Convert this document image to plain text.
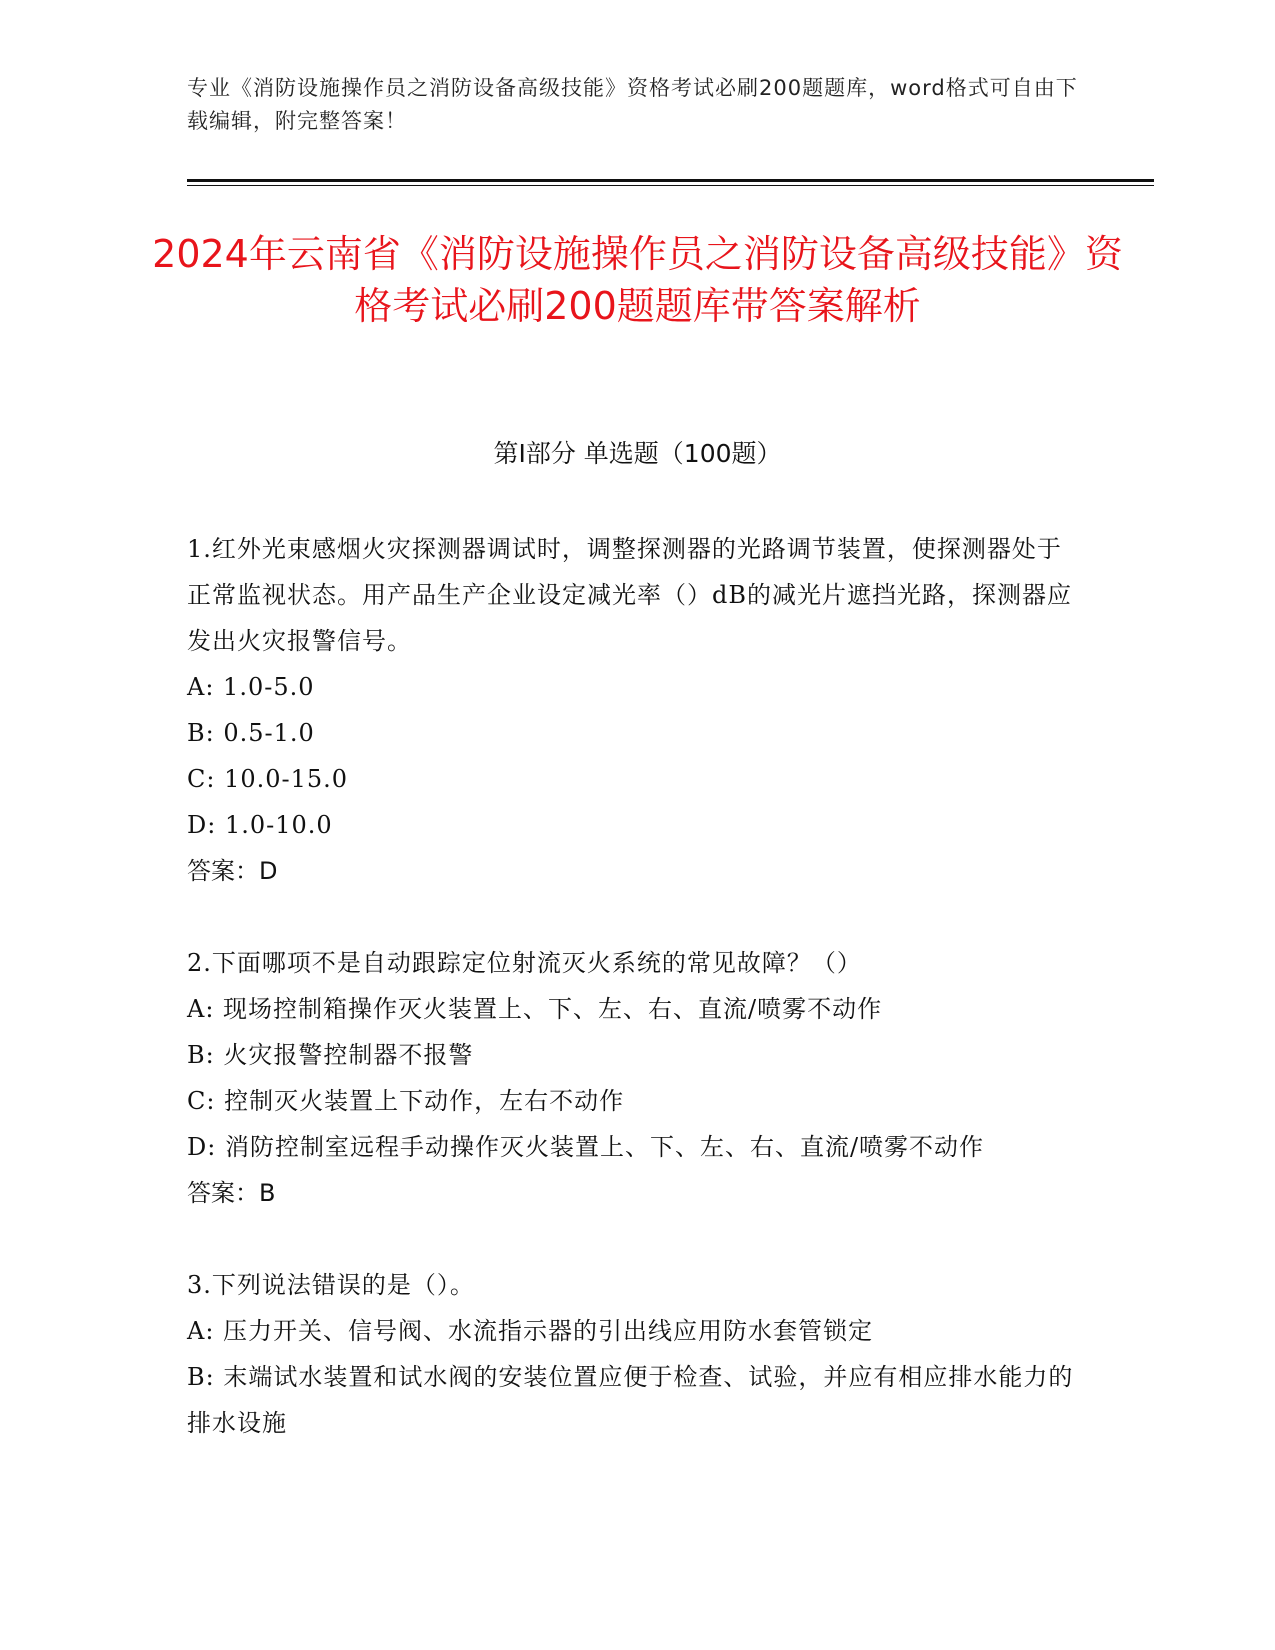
专业《消防设施操作员之消防设备高级技能》资格考试必刷200题题库，word格式可自由下载编辑，附完整答案！
2024年云南省《消防设施操作员之消防设备高级技能》资格考试必刷200题题库带答案解析
第I部分 单选题（100题）
1.红外光束感烟火灾探测器调试时，调整探测器的光路调节装置，使探测器处于正常监视状态。用产品生产企业设定减光率（）dB的减光片遮挡光路，探测器应发出火灾报警信号。
A: 1.0-5.0
B: 0.5-1.0
C: 10.0-15.0
D: 1.0-10.0
答案：D
2.下面哪项不是自动跟踪定位射流灭火系统的常见故障？（）
A: 现场控制箱操作灭火装置上、下、左、右、直流/喷雾不动作
B: 火灾报警控制器不报警
C: 控制灭火装置上下动作，左右不动作
D: 消防控制室远程手动操作灭火装置上、下、左、右、直流/喷雾不动作
答案：B
3.下列说法错误的是（）。
A: 压力开关、信号阀、水流指示器的引出线应用防水套管锁定
B: 末端试水装置和试水阀的安装位置应便于检查、试验，并应有相应排水能力的排水设施
